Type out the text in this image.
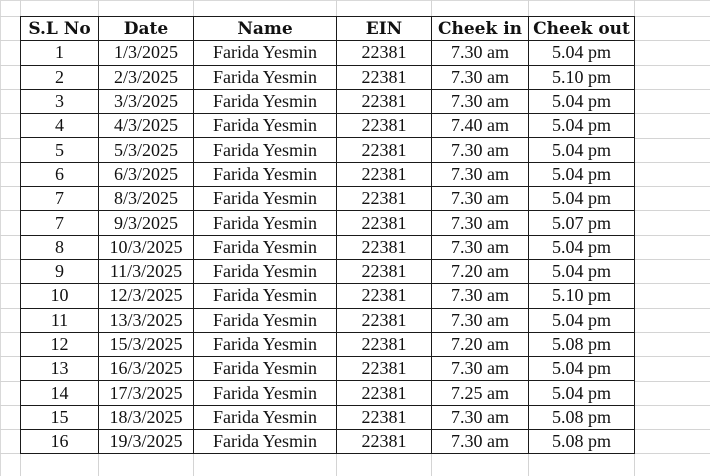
S.L No	Date	Name	EIN	Cheek in	Cheek out
1	1/3/2025	Farida Yesmin	22381	7.30 am	5.04 pm
2	2/3/2025	Farida Yesmin	22381	7.30 am	5.10 pm
3	3/3/2025	Farida Yesmin	22381	7.30 am	5.04 pm
4	4/3/2025	Farida Yesmin	22381	7.40 am	5.04 pm
5	5/3/2025	Farida Yesmin	22381	7.30 am	5.04 pm
6	6/3/2025	Farida Yesmin	22381	7.30 am	5.04 pm
7	8/3/2025	Farida Yesmin	22381	7.30 am	5.04 pm
7	9/3/2025	Farida Yesmin	22381	7.30 am	5.07 pm
8	10/3/2025	Farida Yesmin	22381	7.30 am	5.04 pm
9	11/3/2025	Farida Yesmin	22381	7.20 am	5.04 pm
10	12/3/2025	Farida Yesmin	22381	7.30 am	5.10 pm
11	13/3/2025	Farida Yesmin	22381	7.30 am	5.04 pm
12	15/3/2025	Farida Yesmin	22381	7.20 am	5.08 pm
13	16/3/2025	Farida Yesmin	22381	7.30 am	5.04 pm
14	17/3/2025	Farida Yesmin	22381	7.25 am	5.04 pm
15	18/3/2025	Farida Yesmin	22381	7.30 am	5.08 pm
16	19/3/2025	Farida Yesmin	22381	7.30 am	5.08 pm
